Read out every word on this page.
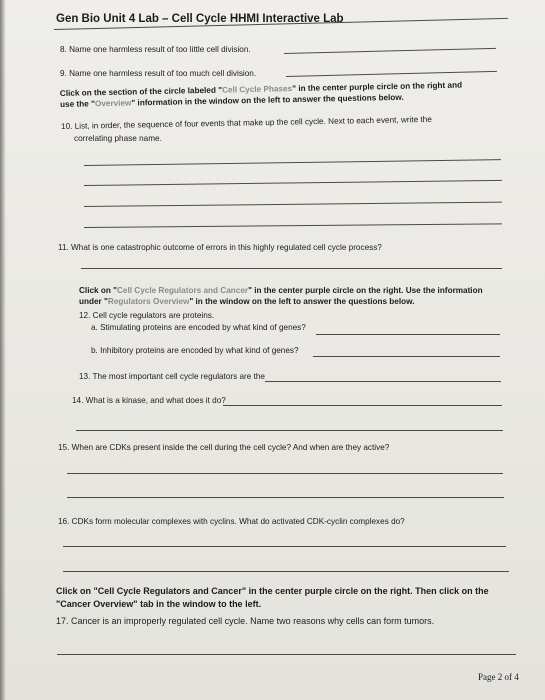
Gen Bio Unit 4 Lab – Cell Cycle HHMI Interactive Lab
8. Name one harmless result of too little cell division.
9. Name one harmless result of too much cell division.
Click on the section of the circle labeled "Cell Cycle Phases" in the center purple circle on the right and
use the "Overview" information in the window on the left to answer the questions below.
10. List, in order, the sequence of four events that make up the cell cycle. Next to each event, write the
correlating phase name.
11. What is one catastrophic outcome of errors in this highly regulated cell cycle process?
Click on "Cell Cycle Regulators and Cancer" in the center purple circle on the right. Use the information
under "Regulators Overview" in the window on the left to answer the questions below.
12. Cell cycle regulators are proteins.
a. Stimulating proteins are encoded by what kind of genes?
b. Inhibitory proteins are encoded by what kind of genes?
13. The most important cell cycle regulators are the
14. What is a kinase, and what does it do?
15. When are CDKs present inside the cell during the cell cycle? And when are they active?
16. CDKs form molecular complexes with cyclins. What do activated CDK-cyclin complexes do?
Click on "Cell Cycle Regulators and Cancer" in the center purple circle on the right. Then click on the
"Cancer Overview" tab in the window to the left.
17. Cancer is an improperly regulated cell cycle. Name two reasons why cells can form tumors.
Page 2 of 4
